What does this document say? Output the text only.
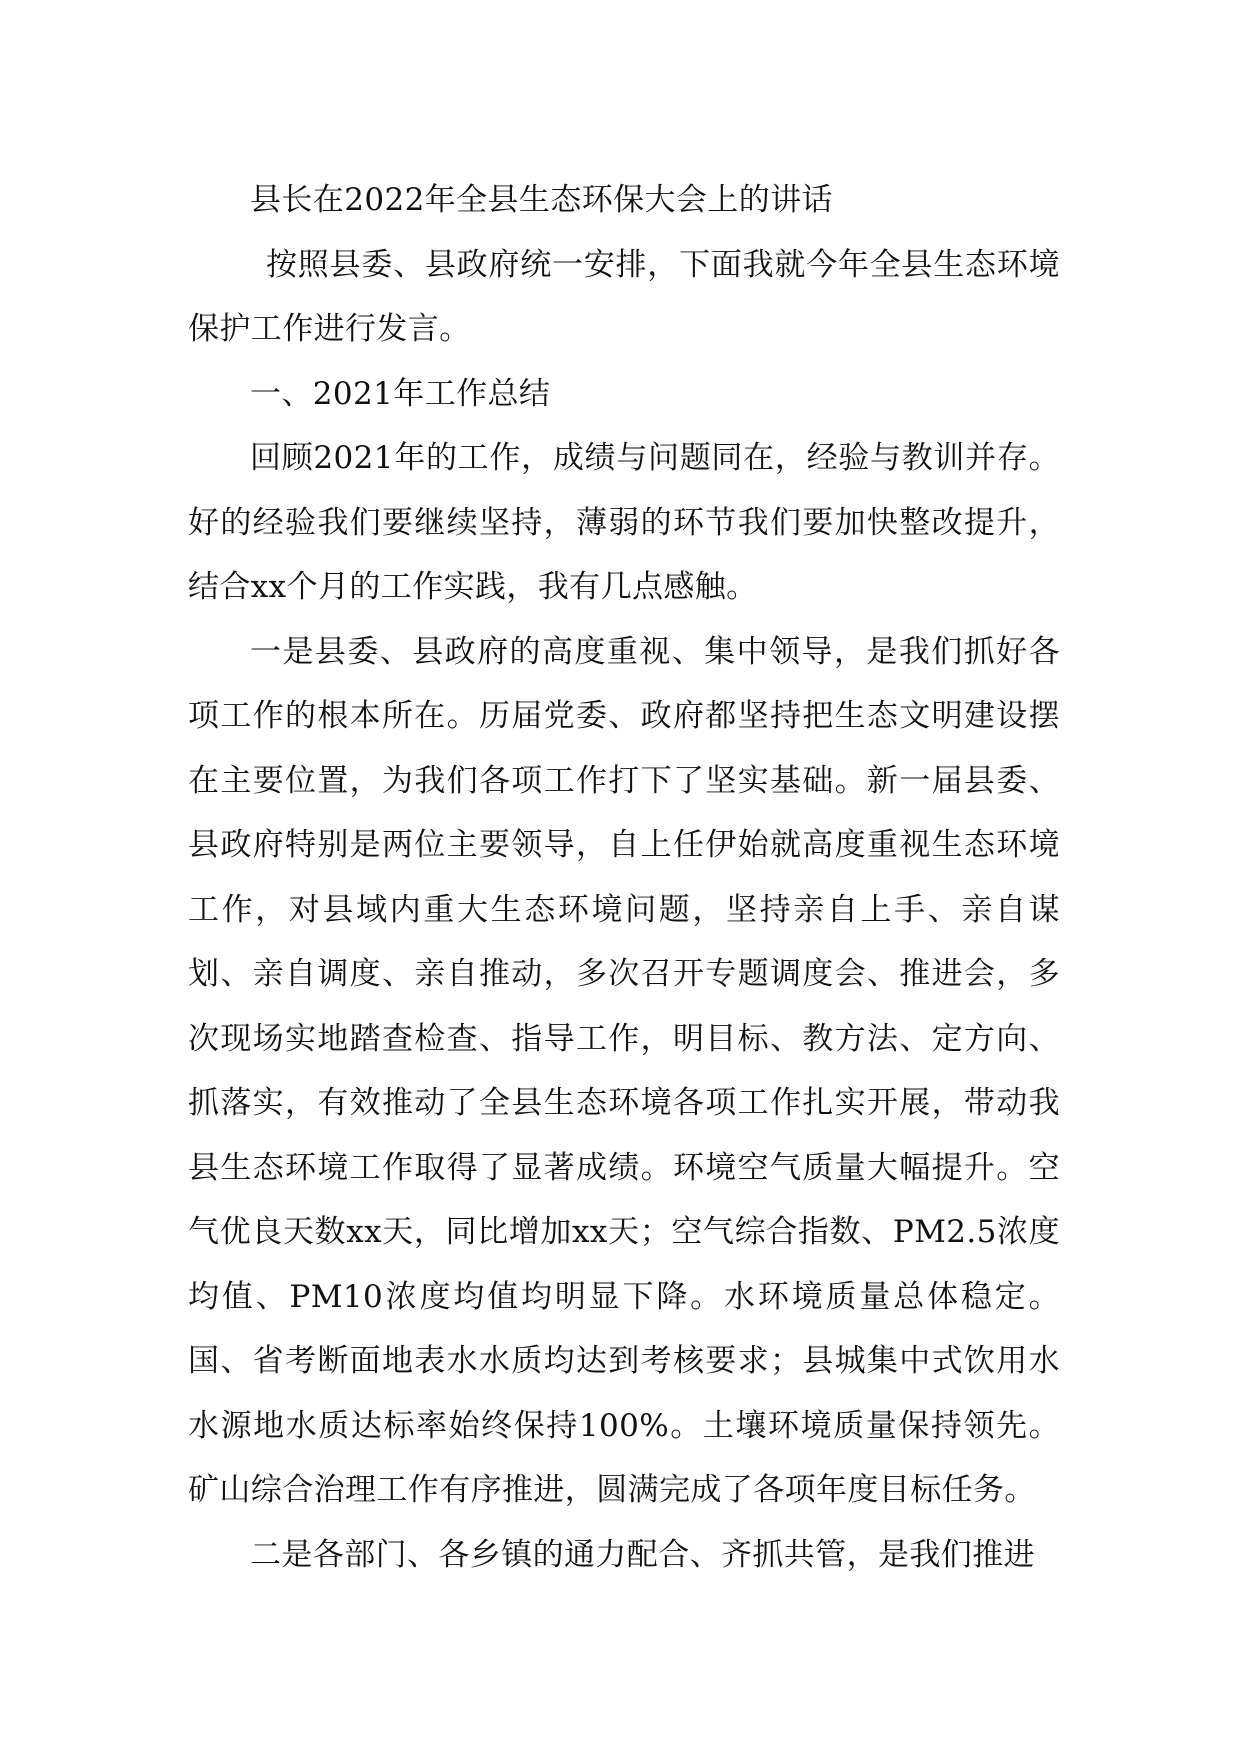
县长在2022年全县生态环保大会上的讲话

按照县委、县政府统一安排，下面我就今年全县生态环境保护工作进行发言。

一、2021年工作总结

回顾2021年的工作，成绩与问题同在，经验与教训并存。好的经验我们要继续坚持，薄弱的环节我们要加快整改提升，结合xx个月的工作实践，我有几点感触。

一是县委、县政府的高度重视、集中领导，是我们抓好各项工作的根本所在。历届党委、政府都坚持把生态文明建设摆在主要位置，为我们各项工作打下了坚实基础。新一届县委、县政府特别是两位主要领导，自上任伊始就高度重视生态环境工作，对县域内重大生态环境问题，坚持亲自上手、亲自谋划、亲自调度、亲自推动，多次召开专题调度会、推进会，多次现场实地踏查检查、指导工作，明目标、教方法、定方向、抓落实，有效推动了全县生态环境各项工作扎实开展，带动我县生态环境工作取得了显著成绩。环境空气质量大幅提升。空气优良天数xx天，同比增加xx天；空气综合指数、PM2.5浓度均值、PM10浓度均值均明显下降。水环境质量总体稳定。国、省考断面地表水水质均达到考核要求；县城集中式饮用水水源地水质达标率始终保持100%。土壤环境质量保持领先。矿山综合治理工作有序推进，圆满完成了各项年度目标任务。

二是各部门、各乡镇的通力配合、齐抓共管，是我们推进
